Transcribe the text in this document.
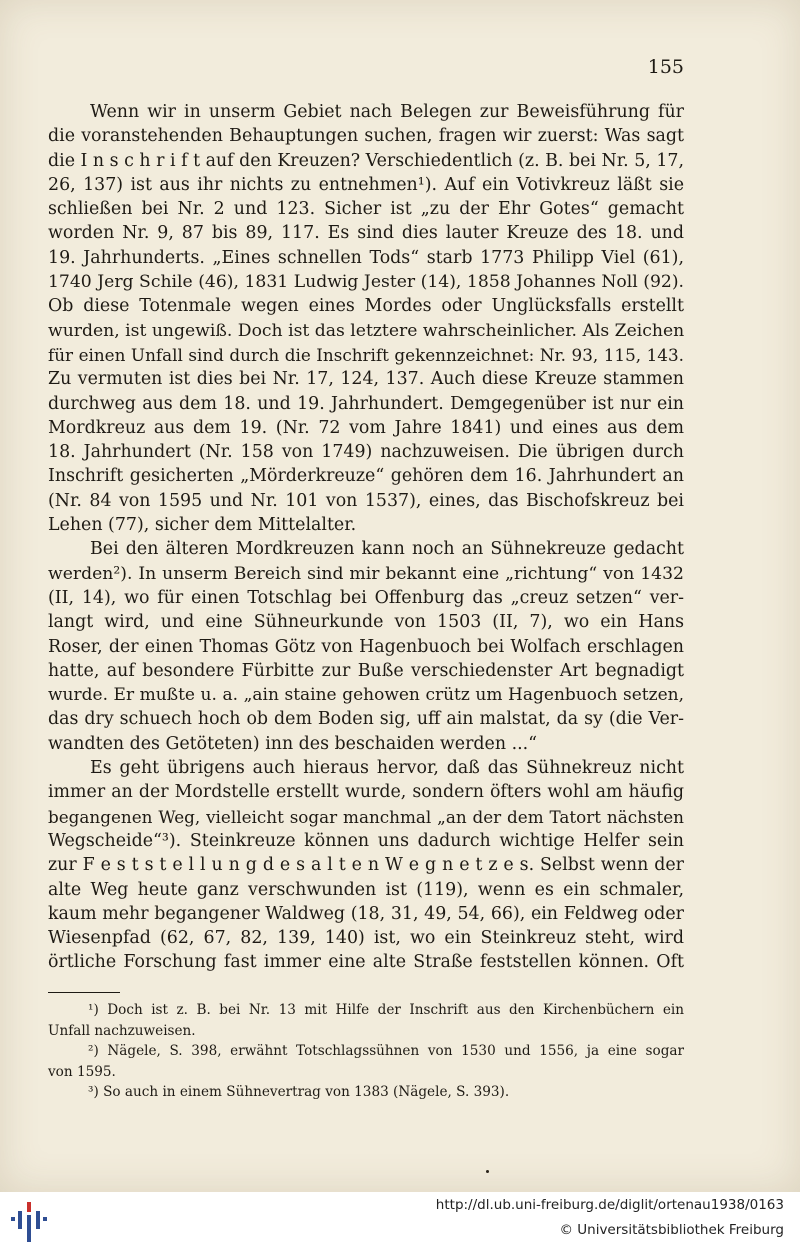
155
Wenn wir in unserm Gebiet nach Belegen zur Beweisführung für
die voranstehenden Behauptungen suchen, fragen wir zuerst: Was sagt
die I n s c h r i f t auf den Kreuzen? Verschiedentlich (z. B. bei Nr. 5, 17,
26, 137) ist aus ihr nichts zu entnehmen¹). Auf ein Votivkreuz läßt sie
schließen bei Nr. 2 und 123. Sicher ist „zu der Ehr Gotes“ gemacht
worden Nr. 9, 87 bis 89, 117. Es sind dies lauter Kreuze des 18. und
19. Jahrhunderts. „Eines schnellen Tods“ starb 1773 Philipp Viel (61),
1740 Jerg Schile (46), 1831 Ludwig Jester (14), 1858 Johannes Noll (92).
Ob diese Totenmale wegen eines Mordes oder Unglücksfalls erstellt
wurden, ist ungewiß. Doch ist das letztere wahrscheinlicher. Als Zeichen
für einen Unfall sind durch die Inschrift gekennzeichnet: Nr. 93, 115, 143.
Zu vermuten ist dies bei Nr. 17, 124, 137. Auch diese Kreuze stammen
durchweg aus dem 18. und 19. Jahrhundert. Demgegenüber ist nur ein
Mordkreuz aus dem 19. (Nr. 72 vom Jahre 1841) und eines aus dem
18. Jahrhundert (Nr. 158 von 1749) nachzuweisen. Die übrigen durch
Inschrift gesicherten „Mörderkreuze“ gehören dem 16. Jahrhundert an
(Nr. 84 von 1595 und Nr. 101 von 1537), eines, das Bischofskreuz bei
Lehen (77), sicher dem Mittelalter.
Bei den älteren Mordkreuzen kann noch an Sühnekreuze gedacht
werden²). In unserm Bereich sind mir bekannt eine „richtung“ von 1432
(II, 14), wo für einen Totschlag bei Offenburg das „creuz setzen“ ver-
langt wird, und eine Sühneurkunde von 1503 (II, 7), wo ein Hans
Roser, der einen Thomas Götz von Hagenbuoch bei Wolfach erschlagen
hatte, auf besondere Fürbitte zur Buße verschiedenster Art begnadigt
wurde. Er mußte u. a. „ain staine gehowen crütz um Hagenbuoch setzen,
das dry schuech hoch ob dem Boden sig, uff ain malstat, da sy (die Ver-
wandten des Getöteten) inn des beschaiden werden ...“
Es geht übrigens auch hieraus hervor, daß das Sühnekreuz nicht
immer an der Mordstelle erstellt wurde, sondern öfters wohl am häufig
begangenen Weg, vielleicht sogar manchmal „an der dem Tatort nächsten
Wegscheide“³). Steinkreuze können uns dadurch wichtige Helfer sein
zur F e s t s t e l l u n g d e s a l t e n W e g n e t z e s. Selbst wenn der
alte Weg heute ganz verschwunden ist (119), wenn es ein schmaler,
kaum mehr begangener Waldweg (18, 31, 49, 54, 66), ein Feldweg oder
Wiesenpfad (62, 67, 82, 139, 140) ist, wo ein Steinkreuz steht, wird
örtliche Forschung fast immer eine alte Straße feststellen können. Oft
¹) Doch ist z. B. bei Nr. 13 mit Hilfe der Inschrift aus den Kirchenbüchern ein
Unfall nachzuweisen.
²) Nägele, S. 398, erwähnt Totschlagssühnen von 1530 und 1556, ja eine sogar
von 1595.
³) So auch in einem Sühnevertrag von 1383 (Nägele, S. 393).
http://dl.ub.uni-freiburg.de/diglit/ortenau1938/0163
© Universitätsbibliothek Freiburg
